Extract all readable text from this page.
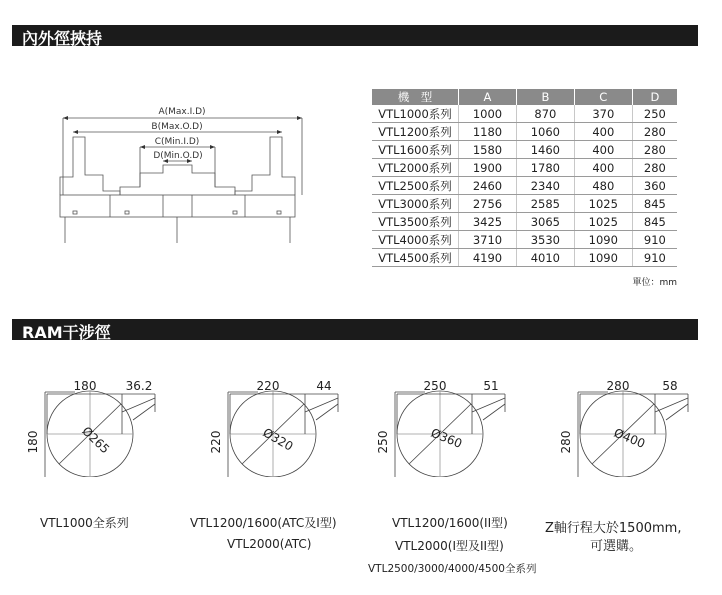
內外徑挾持
A(Max.I.D)
B(Max.O.D)
C(Min.I.D)
D(Min.O.D)
機　型	A	B	C	D
VTL1000系列	1000	870	370	250
VTL1200系列	1180	1060	400	280
VTL1600系列	1580	1460	400	280
VTL2000系列	1900	1780	400	280
VTL2500系列	2460	2340	480	360
VTL3000系列	2756	2585	1025	845
VTL3500系列	3425	3065	1025	845
VTL4000系列	3710	3530	1090	910
VTL4500系列	4190	4010	1090	910
單位：mm
RAM干涉徑
180 36.2
180	Ø265
VTL1000全系列
220	44
220	Ø320
VTL1200/1600(ATC及I型)
VTL2000(ATC)
250	51
250	Ø360
VTL1200/1600(II型)
VTL2000(I型及II型)
VTL2500/3000/4000/4500全系列
280	58
280	Ø400
Z軸行程大於1500mm,
可選購。
